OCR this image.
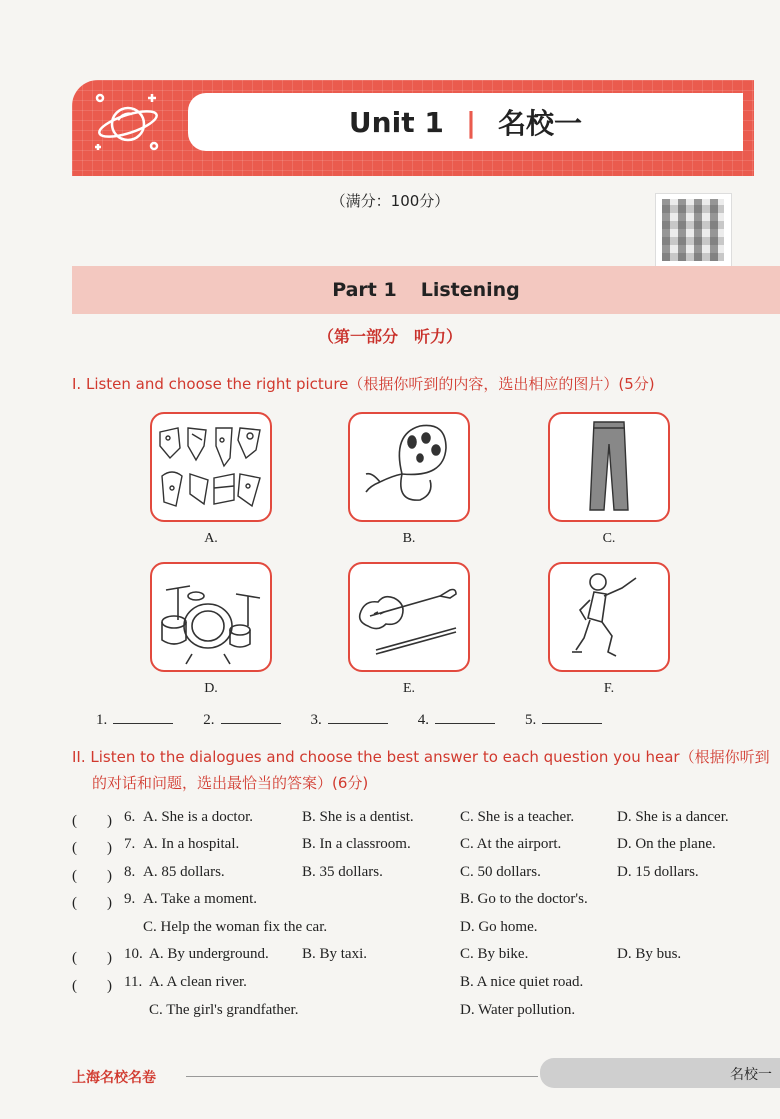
Unit 1 | 名校一
（满分：100分）
Part 1 Listening
（第一部分　听力）
I. Listen and choose the right picture（根据你听到的内容，选出相应的图片）(5分)
A.	B.	C.
D.	E.	F.
1.	2.	3.	4.	5.
II. Listen to the dialogues and choose the best answer to each question you hear（根据你听到
的对话和问题，选出最恰当的答案）(6分)
(　　) 6. A. She is a doctor.	B. She is a dentist.	C. She is a teacher.	D. She is a dancer.
(　　) 7. A. In a hospital.	B. In a classroom.	C. At the airport.	D. On the plane.
(　　) 8. A. 85 dollars.	B. 35 dollars.	C. 50 dollars.	D. 15 dollars.
(　　) 9. A. Take a moment.	B. Go to the doctor's.
C. Help the woman fix the car.	D. Go home.
(　　) 10. A. By underground. B. By taxi.	C. By bike.	D. By bus.
(　　) 11. A. A clean river.	B. A nice quiet road.
C. The girl's grandfather.	D. Water pollution.
上海名校名卷	名校一
